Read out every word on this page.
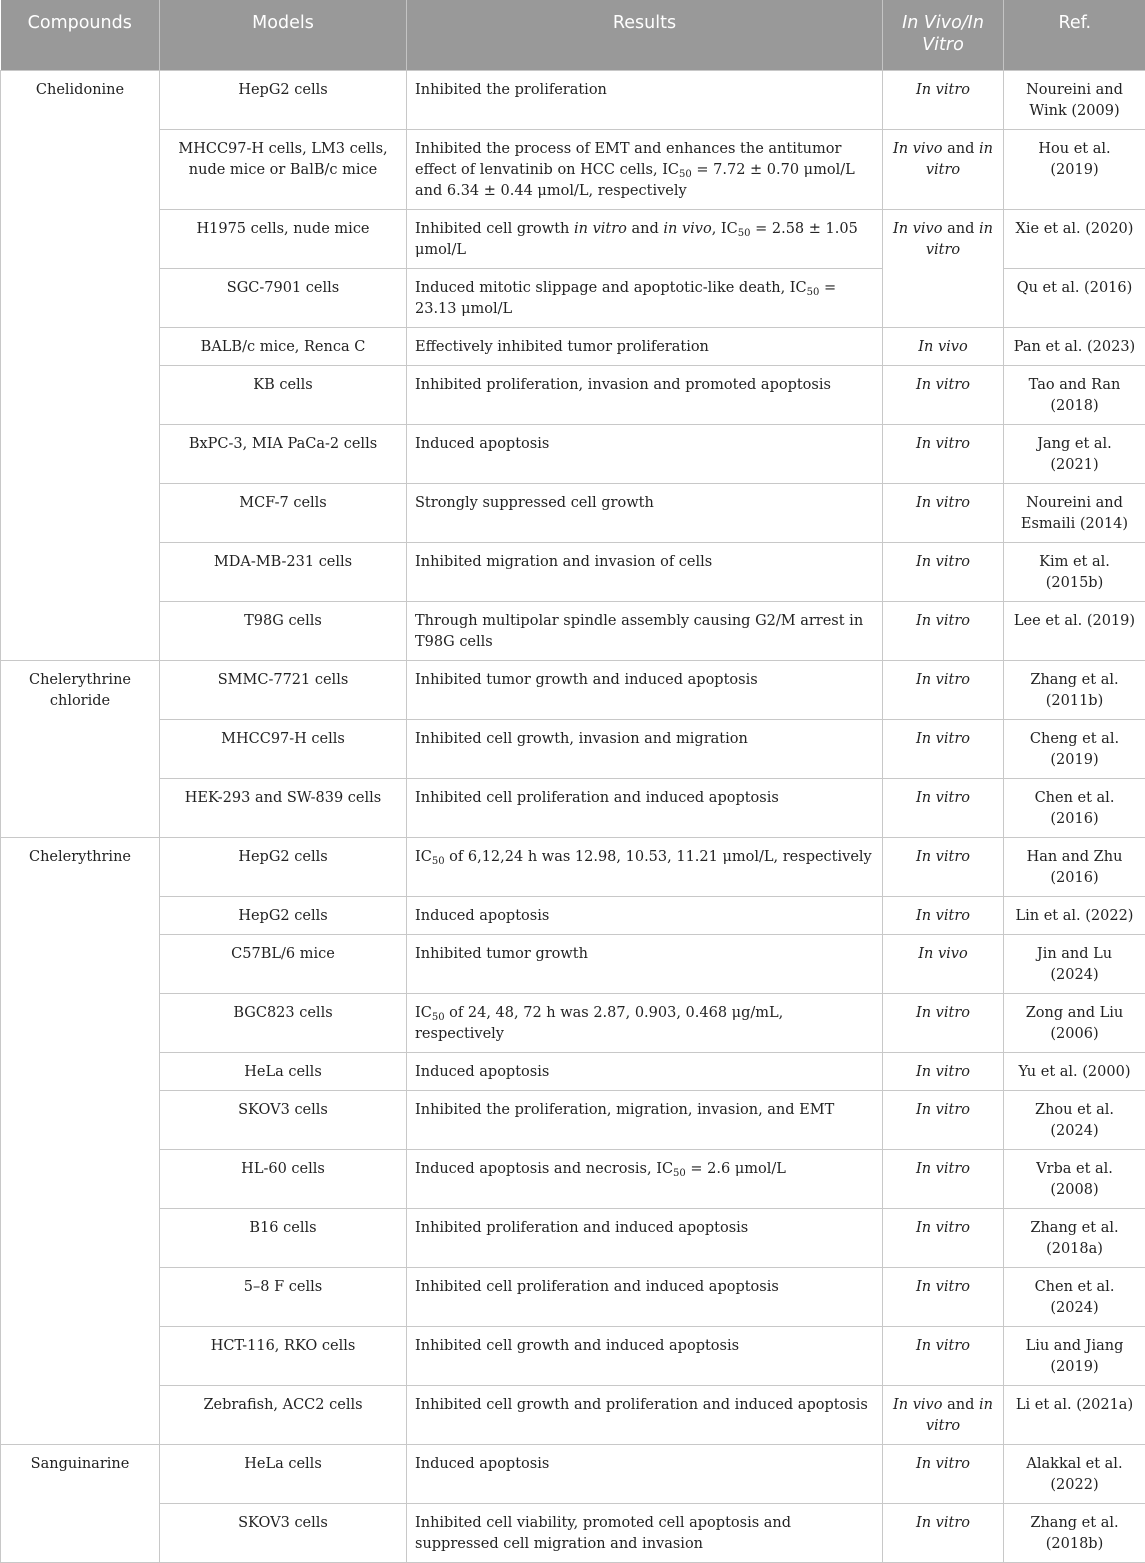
Compounds	Models	Results	In Vivo/In Vitro	Ref.
Chelidonine	HepG2 cells	Inhibited the proliferation	In vitro	Noureini and Wink (2009)
	MHCC97-H cells, LM3 cells, nude mice or BalB/c mice	Inhibited the process of EMT and enhances the antitumor effect of lenvatinib on HCC cells, $IC_{50} = 7.72 \pm 0.70$ μmol/L and 6.34 ± 0.44 μmol/L, respectively	In vivo and in vitro	Hou et al. (2019)
	H1975 cells, nude mice	Inhibited cell growth in vitro and in vivo, $IC_{50} = 2.58 \pm 1.05$ μmol/L	In vivo and in vitro	Xie et al. (2020)
	SGC-7901 cells	Induced mitotic slippage and apoptotic-like death, $IC_{50} = 23.13$ μmol/L		Qu et al. (2016)
	BALB/c mice, Renca C	Effectively inhibited tumor proliferation	In vivo	Pan et al. (2023)
	KB cells	Inhibited proliferation, invasion and promoted apoptosis	In vitro	Tao and Ran (2018)
	BxPC-3, MIA PaCa-2 cells	Induced apoptosis	In vitro	Jang et al. (2021)
	MCF-7 cells	Strongly suppressed cell growth	In vitro	Noureini and Esmaili (2014)
	MDA-MB-231 cells	Inhibited migration and invasion of cells	In vitro	Kim et al. (2015b)
	T98G cells	Through multipolar spindle assembly causing G2/M arrest in T98G cells	In vitro	Lee et al. (2019)
Chelerythrine chloride	SMMC-7721 cells	Inhibited tumor growth and induced apoptosis	In vitro	Zhang et al. (2011b)
	MHCC97-H cells	Inhibited cell growth, invasion and migration	In vitro	Cheng et al. (2019)
	HEK-293 and SW-839 cells	Inhibited cell proliferation and induced apoptosis	In vitro	Chen et al. (2016)
Chelerythrine	HepG2 cells	$IC_{50}$ of 6,12,24 h was 12.98, 10.53, 11.21 μmol/L, respectively	In vitro	Han and Zhu (2016)
	HepG2 cells	Induced apoptosis	In vitro	Lin et al. (2022)
	C57BL/6 mice	Inhibited tumor growth	In vivo	Jin and Lu (2024)
	BGC823 cells	$IC_{50}$ of 24, 48, 72 h was 2.87, 0.903, 0.468 μg/mL, respectively	In vitro	Zong and Liu (2006)
	HeLa cells	Induced apoptosis	In vitro	Yu et al. (2000)
	SKOV3 cells	Inhibited the proliferation, migration, invasion, and EMT	In vitro	Zhou et al. (2024)
	HL-60 cells	Induced apoptosis and necrosis, $IC_{50} = 2.6$ μmol/L	In vitro	Vrba et al. (2008)
	B16 cells	Inhibited proliferation and induced apoptosis	In vitro	Zhang et al. (2018a)
	5–8 F cells	Inhibited cell proliferation and induced apoptosis	In vitro	Chen et al. (2024)
	HCT-116, RKO cells	Inhibited cell growth and induced apoptosis	In vitro	Liu and Jiang (2019)
	Zebrafish, ACC2 cells	Inhibited cell growth and proliferation and induced apoptosis	In vivo and in vitro	Li et al. (2021a)
Sanguinarine	HeLa cells	Induced apoptosis	In vitro	Alakkal et al. (2022)
	SKOV3 cells	Inhibited cell viability, promoted cell apoptosis and suppressed cell migration and invasion	In vitro	Zhang et al. (2018b)
